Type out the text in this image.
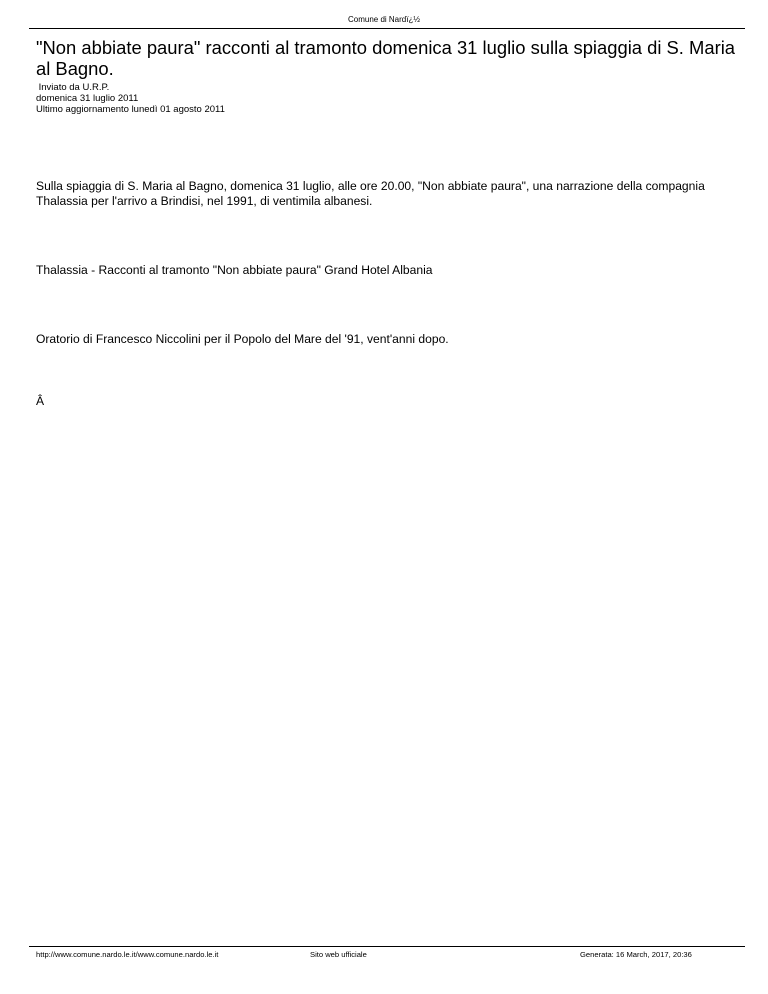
Comune di Nardï¿½
"Non abbiate paura" racconti al tramonto domenica 31 luglio sulla spiaggia di S. Maria al Bagno.
Inviato da U.R.P.
domenica 31 luglio 2011
Ultimo aggiornamento lunedì 01 agosto 2011

Sulla spiaggia di S. Maria al Bagno, domenica 31 luglio, alle ore 20.00, "Non abbiate paura", una narrazione della compagnia Thalassia per l'arrivo a Brindisi, nel 1991, di ventimila albanesi.

Thalassia - Racconti al tramonto "Non abbiate paura" Grand Hotel Albania

Oratorio di Francesco Niccolini per il Popolo del Mare del '91, vent'anni dopo.

Â

http://www.comune.nardo.le.it/www.comune.nardo.le.it	Sito web ufficiale	Generata: 16 March, 2017, 20:36
